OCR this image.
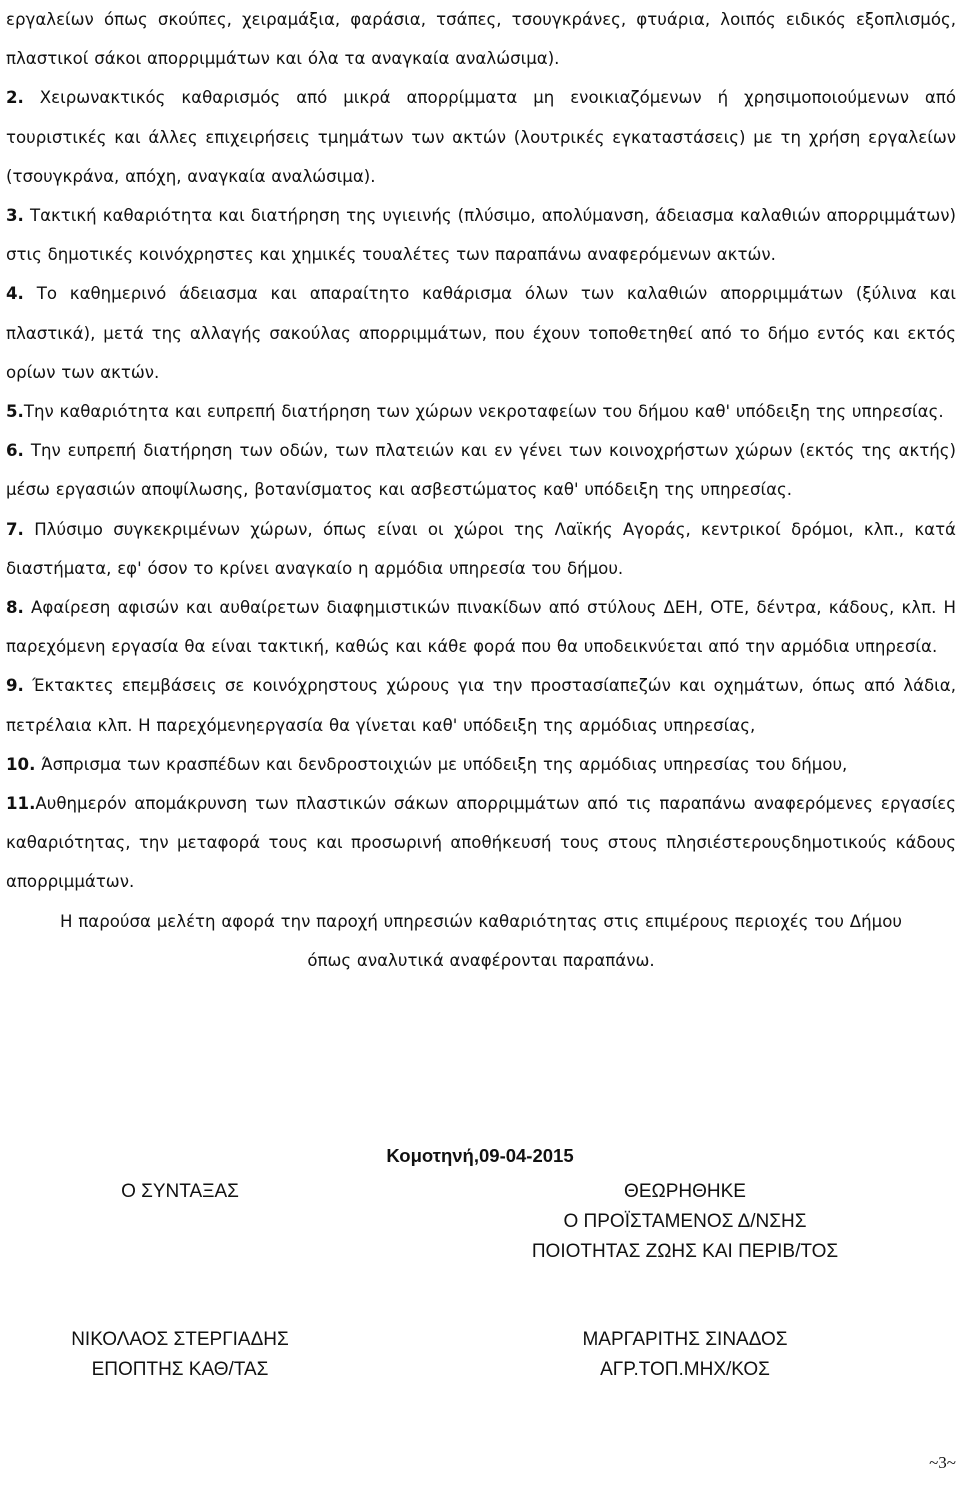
εργαλείων όπως σκούπες, χειραμάξια, φαράσια, τσάπες, τσουγκράνες, φτυάρια, λοιπός ειδικός εξοπλισμός, πλαστικοί σάκοι απορριμμάτων και όλα τα αναγκαία αναλώσιμα).

2. Χειρωνακτικός καθαρισμός από μικρά απορρίμματα μη ενοικιαζόμενων ή χρησιμοποιούμενων από τουριστικές και άλλες επιχειρήσεις τμημάτων των ακτών (λουτρικές εγκαταστάσεις) με τη χρήση εργαλείων (τσουγκράνα, απόχη, αναγκαία αναλώσιμα).

3. Τακτική καθαριότητα και διατήρηση της υγιεινής (πλύσιμο, απολύμανση, άδειασμα καλαθιών απορριμμάτων) στις δημοτικές κοινόχρηστες και χημικές τουαλέτες των παραπάνω αναφερόμενων ακτών.

4. Το καθημερινό άδειασμα και απαραίτητο καθάρισμα όλων των καλαθιών απορριμμάτων (ξύλινα και πλαστικά), μετά της αλλαγής σακούλας απορριμμάτων, που έχουν τοποθετηθεί από το δήμο εντός και εκτός ορίων των ακτών.

5.Την καθαριότητα και ευπρεπή διατήρηση των χώρων νεκροταφείων του δήμου καθ' υπόδειξη της υπηρεσίας.

6. Την ευπρεπή διατήρηση των οδών, των πλατειών και εν γένει των κοινοχρήστων χώρων (εκτός της ακτής) μέσω εργασιών αποψίλωσης, βοτανίσματος και ασβεστώματος καθ' υπόδειξη της υπηρεσίας.

7. Πλύσιμο συγκεκριμένων χώρων, όπως είναι οι χώροι της Λαϊκής Αγοράς, κεντρικοί δρόμοι, κλπ., κατά διαστήματα, εφ' όσον το κρίνει αναγκαίο η αρμόδια υπηρεσία του δήμου.

8. Αφαίρεση αφισών και αυθαίρετων διαφημιστικών πινακίδων από στύλους ΔΕΗ, ΟΤΕ, δέντρα, κάδους, κλπ. Η παρεχόμενη εργασία θα είναι τακτική, καθώς και κάθε φορά που θα υποδεικνύεται από την αρμόδια υπηρεσία.

9. Έκτακτες επεμβάσεις σε κοινόχρηστους χώρους για την προστασίαπεζών και οχημάτων, όπως από λάδια, πετρέλαια κλπ. Η παρεχόμενηεργασία θα γίνεται καθ' υπόδειξη της αρμόδιας υπηρεσίας,

10. Άσπρισμα των κρασπέδων και δενδροστοιχιών με υπόδειξη της αρμόδιας υπηρεσίας του δήμου,

11.Αυθημερόν απομάκρυνση των πλαστικών σάκων απορριμμάτων από τις παραπάνω αναφερόμενες εργασίες καθαριότητας, την μεταφορά τους και προσωρινή αποθήκευσή τους στους πλησιέστερουςδημοτικούς κάδους απορριμμάτων.

Η παρούσα μελέτη αφορά την παροχή υπηρεσιών καθαριότητας στις επιμέρους περιοχές του Δήμου

όπως αναλυτικά αναφέρονται παραπάνω.

Κομοτηνή,09-04-2015
Ο ΣΥΝΤΑΞΑΣ	ΘΕΩΡΗΘΗΚΕ
Ο ΠΡΟΪΣΤΑΜΕΝΟΣ Δ/ΝΣΗΣ
ΠΟΙΟΤΗΤΑΣ ΖΩΗΣ ΚΑΙ ΠΕΡΙΒ/ΤΟΣ
ΝΙΚΟΛΑΟΣ ΣΤΕΡΓΙΑΔΗΣ
ΕΠΟΠΤΗΣ ΚΑΘ/ΤΑΣ
ΜΑΡΓΑΡΙΤΗΣ ΣΙΝΑΔΟΣ
ΑΓΡ.ΤΟΠ.ΜΗΧ/ΚΟΣ
~3~
